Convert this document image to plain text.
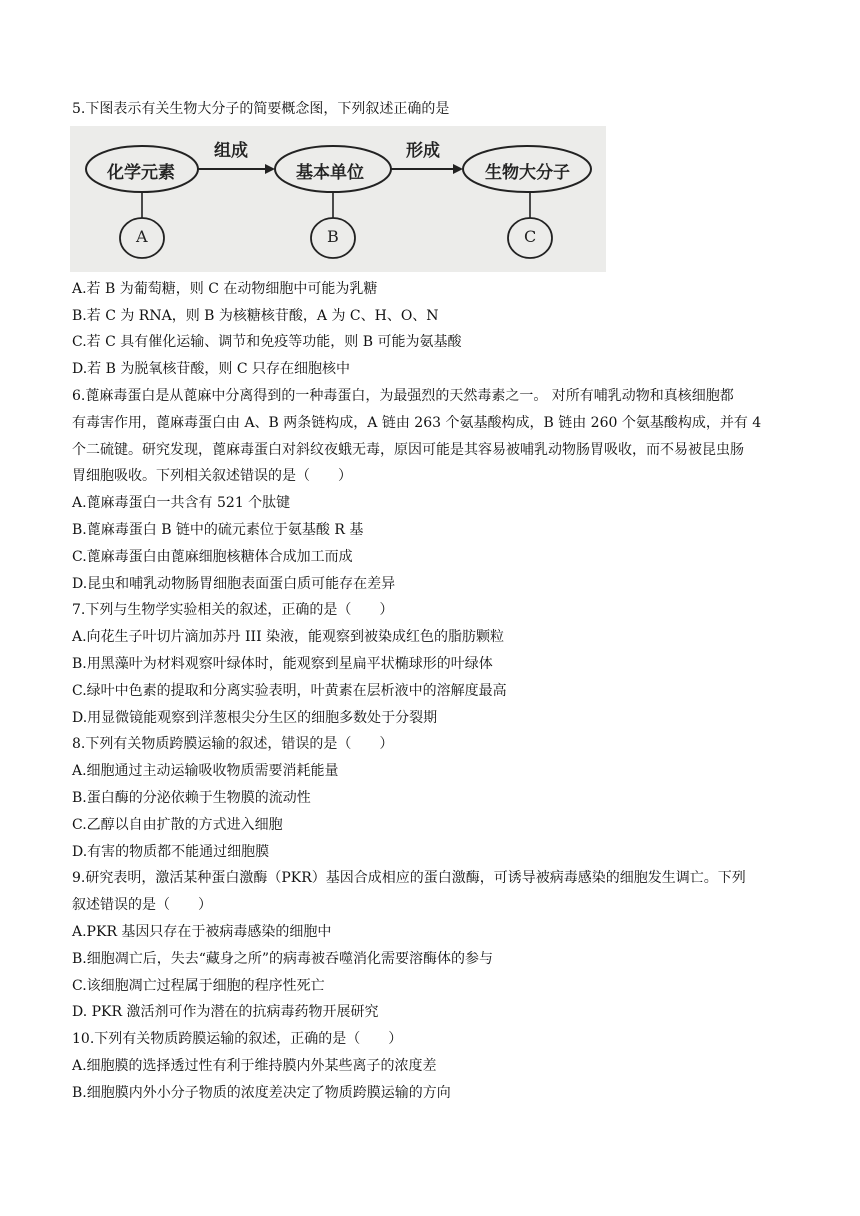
5.下图表示有关生物大分子的简要概念图，下列叙述正确的是
化学元素	基本单位	生物大分子
组成	形成
A	B	C
A.若 B 为葡萄糖，则 C 在动物细胞中可能为乳糖
B.若 C 为 RNA，则 B 为核糖核苷酸，A 为 C、H、O、N
C.若 C 具有催化运输、调节和免疫等功能，则 B 可能为氨基酸
D.若 B 为脱氧核苷酸，则 C 只存在细胞核中
6.蓖麻毒蛋白是从蓖麻中分离得到的一种毒蛋白，为最强烈的天然毒素之一。 对所有哺乳动物和真核细胞都
有毒害作用，蓖麻毒蛋白由 A、B 两条链构成，A 链由 263 个氨基酸构成，B 链由 260 个氨基酸构成，并有 4
个二硫键。研究发现，蓖麻毒蛋白对斜纹夜蛾无毒，原因可能是其容易被哺乳动物肠胃吸收，而不易被昆虫肠
胃细胞吸收。下列相关叙述错误的是（　　）
A.蓖麻毒蛋白一共含有 521 个肽键
B.蓖麻毒蛋白 B 链中的硫元素位于氨基酸 R 基
C.蓖麻毒蛋白由蓖麻细胞核糖体合成加工而成
D.昆虫和哺乳动物肠胃细胞表面蛋白质可能存在差异
7.下列与生物学实验相关的叙述，正确的是（　　）
A.向花生子叶切片滴加苏丹 III 染液，能观察到被染成红色的脂肪颗粒
B.用黑藻叶为材料观察叶绿体时，能观察到星扁平状椭球形的叶绿体
C.绿叶中色素的提取和分离实验表明，叶黄素在层析液中的溶解度最高
D.用显微镜能观察到洋葱根尖分生区的细胞多数处于分裂期
8.下列有关物质跨膜运输的叙述，错误的是（　　）
A.细胞通过主动运输吸收物质需要消耗能量
B.蛋白酶的分泌依赖于生物膜的流动性
C.乙醇以自由扩散的方式进入细胞
D.有害的物质都不能通过细胞膜
9.研究表明，激活某种蛋白激酶（PKR）基因合成相应的蛋白激酶，可诱导被病毒感染的细胞发生调亡。下列
叙述错误的是（　　）
A.PKR 基因只存在于被病毒感染的细胞中
B.细胞凋亡后，失去“藏身之所”的病毒被吞噬消化需要溶酶体的参与
C.该细胞凋亡过程属于细胞的程序性死亡
D. PKR 激活剂可作为潜在的抗病毒药物开展研究
10.下列有关物质跨膜运输的叙述，正确的是（　　）
A.细胞膜的选择透过性有利于维持膜内外某些离子的浓度差
B.细胞膜内外小分子物质的浓度差决定了物质跨膜运输的方向
